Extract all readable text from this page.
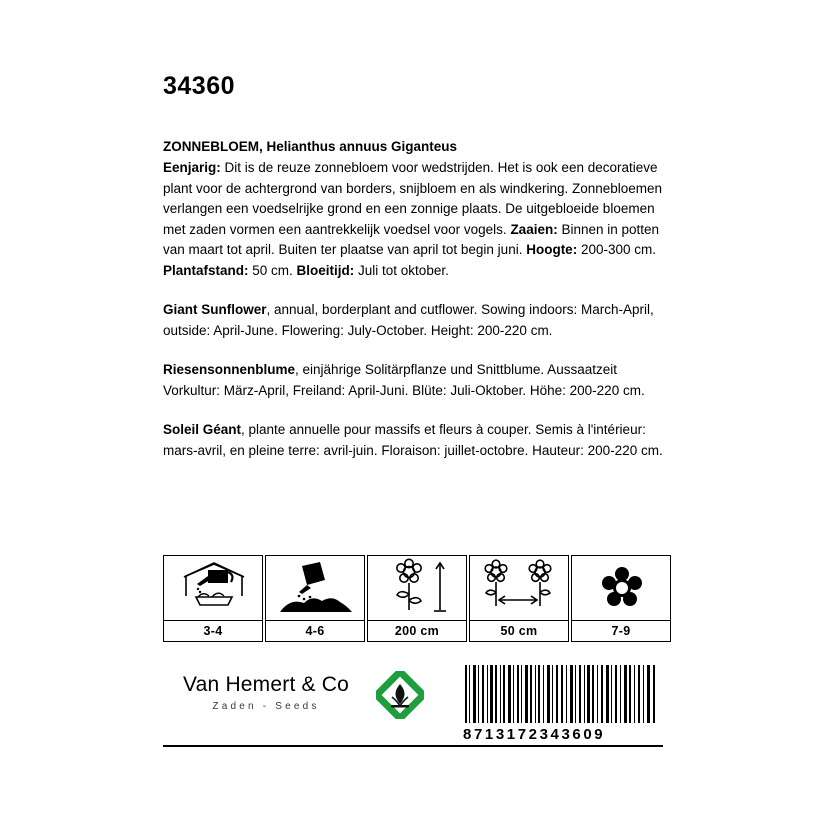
34360
ZONNEBLOEM, Helianthus annuus Giganteus
Eenjarig: Dit is de reuze zonnebloem voor wedstrijden. Het is ook een decoratieve plant voor de achtergrond van borders, snijbloem en als windkering. Zonnebloemen verlangen een voedselrijke grond en een zonnige plaats. De uitgebloeide bloemen met zaden vormen een aantrekkelijk voedsel voor vogels. Zaaien: Binnen in potten van maart tot april. Buiten ter plaatse van april tot begin juni. Hoogte: 200-300 cm. Plantafstand: 50 cm. Bloeitijd: Juli tot oktober.
Giant Sunflower, annual, borderplant and cutflower. Sowing indoors: March-April, outside: April-June. Flowering: July-October. Height: 200-220 cm.
Riesensonnenblume, einjährige Solitärpflanze und Snittblume. Aussaatzeit Vorkultur: März-April, Freiland: April-Juni. Blüte: Juli-Oktober. Höhe: 200-220 cm.
Soleil Géant, plante annuelle pour massifs et fleurs à couper. Semis à l'intérieur: mars-avril, en pleine terre: avril-juin. Floraison: juillet-octobre. Hauteur: 200-220 cm.
3-4	4-6	200 cm	50 cm	7-9
Van Hemert & Co
Zaden - Seeds
8713172343609
